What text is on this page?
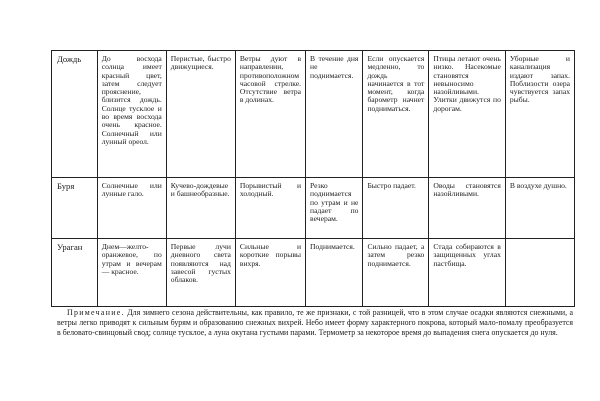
Дождь	До восхода солнца имеет красный цвет, затем следует прояснение, близится дождь. Солнце тусклое и во время восхода очень красное. Солнечный или лунный ореол.	Перистые, быстро движущиеся.	Ветры дуют в направлении, противоположном часовой стрелке. Отсутствие ветра в долинах.	В течение дня не поднимается.	Если опускается медленно, то дождь начинается в тот момент, когда барометр начнет подниматься.	Птицы летают очень низко. Насекомые становятся невыносимо назойливыми. Улитки движутся по дорогам.	Уборные и канализация издают запах. Поблизости озера чувствуется запах рыбы.

Буря	Солнечные или лунные гало.	Кучево-дождевые и башнеобразные.	Порывистый и холодный.	Резко поднимается по утрам и не падает по вечерам.	Быстро падает.	Оводы становятся назойливыми.	В воздухе душно.

Ураган	Днем—желто-оранжевое, по утрам и вечерам — красное.	Первые лучи дневного света появляются над завесой густых облаков.	Сильные и короткие порывы вихря.	Поднимается.	Сильно падает, а затем резко поднимается.	Стада собираются в защищенных углах пастбища.	

Примечание. Для зимнего сезона действительны, как правило, те же признаки, с той разницей, что в этом случае осадки являются снежными, а ветры легко приводят к сильным бурям и образованию снежных вихрей. Небо имеет форму характерного покрова, который мало-помалу преобразуется в беловато-свинцовый свод; солнце тусклое, а луна окутана густыми парами. Термометр за некоторое время до выпадения снега опускается до нуля.
